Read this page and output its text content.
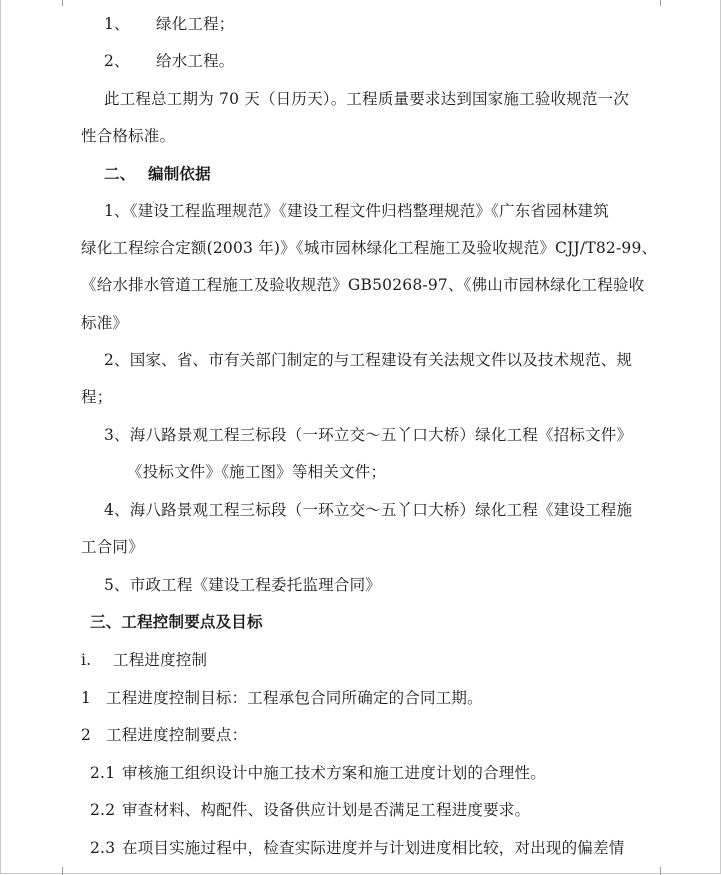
1、 绿化工程；
2、 给水工程。
此工程总工期为 70 天（日历天）。工程质量要求达到国家施工验收规范一次
性合格标准。
二、 编制依据
1、《建设工程监理规范》《建设工程文件归档整理规范》《广东省园林建筑
绿化工程综合定额(2003 年)》《城市园林绿化工程施工及验收规范》CJJ/T82-99、
《给水排水管道工程施工及验收规范》GB50268-97、《佛山市园林绿化工程验收
标准》
2、国家、省、市有关部门制定的与工程建设有关法规文件以及技术规范、规
程；
3、海八路景观工程三标段（一环立交～五丫口大桥）绿化工程《招标文件》
《投标文件》《施工图》等相关文件；
4、海八路景观工程三标段（一环立交～五丫口大桥）绿化工程《建设工程施
工合同》
5、市政工程《建设工程委托监理合同》
三、工程控制要点及目标
i. 工程进度控制
1 工程进度控制目标：工程承包合同所确定的合同工期。
2 工程进度控制要点：
2.1 审核施工组织设计中施工技术方案和施工进度计划的合理性。
2.2 审查材料、构配件、设备供应计划是否满足工程进度要求。
2.3 在项目实施过程中，检查实际进度并与计划进度相比较，对出现的偏差情
